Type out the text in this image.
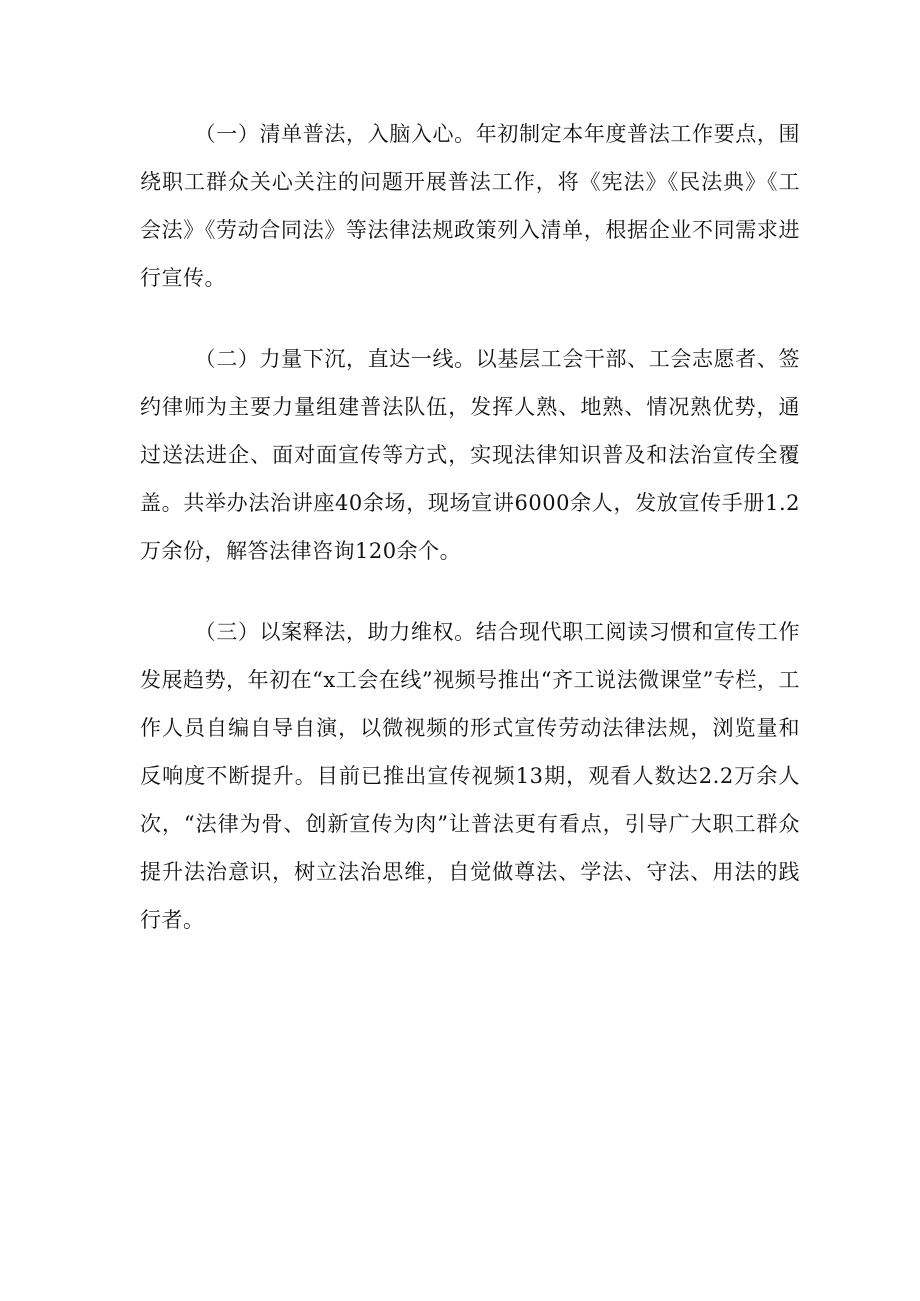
（一）清单普法，入脑入心。年初制定本年度普法工作要点，围绕职工群众关心关注的问题开展普法工作，将《宪法》《民法典》《工会法》《劳动合同法》等法律法规政策列入清单，根据企业不同需求进行宣传。

（二）力量下沉，直达一线。以基层工会干部、工会志愿者、签约律师为主要力量组建普法队伍，发挥人熟、地熟、情况熟优势，通过送法进企、面对面宣传等方式，实现法律知识普及和法治宣传全覆盖。共举办法治讲座40余场，现场宣讲6000余人，发放宣传手册1.2万余份，解答法律咨询120余个。

（三）以案释法，助力维权。结合现代职工阅读习惯和宣传工作发展趋势，年初在“x工会在线”视频号推出“齐工说法微课堂”专栏，工作人员自编自导自演，以微视频的形式宣传劳动法律法规，浏览量和反响度不断提升。目前已推出宣传视频13期，观看人数达2.2万余人次，“法律为骨、创新宣传为肉”让普法更有看点，引导广大职工群众提升法治意识，树立法治思维，自觉做尊法、学法、守法、用法的践行者。
